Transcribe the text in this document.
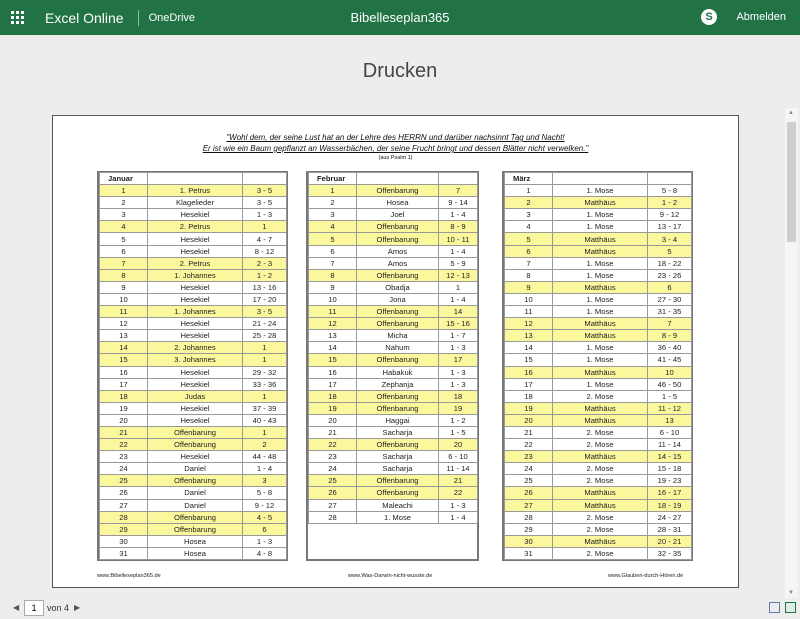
Excel Online OneDrive	Bibelleseplan365	S	Abmelden
Drucken
"Wohl dem, der seine Lust hat an der Lehre des HERRN und darüber nachsinnt Tag und Nacht!
Er ist wie ein Baum gepflanzt an Wasserbächen, der seine Frucht bringt und dessen Blätter nicht verwelken."
(aus Psalm 1)
Januar		
1	1. Petrus	3 - 5
2	Klagelieder	3 - 5
3	Hesekiel	1 - 3
4	2. Petrus	1
5	Hesekiel	4 - 7
6	Hesekiel	8 - 12
7	2. Petrus	2 - 3
8	1. Johannes	1 - 2
9	Hesekiel	13 - 16
10	Hesekiel	17 - 20
11	1. Johannes	3 - 5
12	Hesekiel	21 - 24
13	Hesekiel	25 - 28
14	2. Johannes	1
15	3. Johannes	1
16	Hesekiel	29 - 32
17	Hesekiel	33 - 36
18	Judas	1
19	Hesekiel	37 - 39
20	Hesekiel	40 - 43
21	Offenbarung	1
22	Offenbarung	2
23	Hesekiel	44 - 48
24	Daniel	1 - 4
25	Offenbarung	3
26	Daniel	5 - 8
27	Daniel	9 - 12
28	Offenbarung	4 - 5
29	Offenbarung	6
30	Hosea	1 - 3
31	Hosea	4 - 8
Februar		
1	Offenbarung	7
2	Hosea	9 - 14
3	Joel	1 - 4
4	Offenbarung	8 - 9
5	Offenbarung	10 - 11
6	Amos	1 - 4
7	Amos	5 - 9
8	Offenbarung	12 - 13
9	Obadja	1
10	Jona	1 - 4
11	Offenbarung	14
12	Offenbarung	15 - 16
13	Micha	1 - 7
14	Nahum	1 - 3
15	Offenbarung	17
16	Habakuk	1 - 3
17	Zephanja	1 - 3
18	Offenbarung	18
19	Offenbarung	19
20	Haggai	1 - 2
21	Sacharja	1 - 5
22	Offenbarung	20
23	Sacharja	6 - 10
24	Sacharja	11 - 14
25	Offenbarung	21
26	Offenbarung	22
27	Maleachi	1 - 3
28	1. Mose	1 - 4
März		
1	1. Mose	5 - 8
2	Matthäus	1 - 2
3	1. Mose	9 - 12
4	1. Mose	13 - 17
5	Matthäus	3 - 4
6	Matthäus	5
7	1. Mose	18 - 22
8	1. Mose	23 - 26
9	Matthäus	6
10	1. Mose	27 - 30
11	1. Mose	31 - 35
12	Matthäus	7
13	Matthäus	8 - 9
14	1. Mose	36 - 40
15	1. Mose	41 - 45
16	Matthäus	10
17	1. Mose	46 - 50
18	2. Mose	1 - 5
19	Matthäus	11 - 12
20	Matthäus	13
21	2. Mose	6 - 10
22	2. Mose	11 - 14
23	Matthäus	14 - 15
24	2. Mose	15 - 18
25	2. Mose	19 - 23
26	Matthäus	16 - 17
27	Matthäus	18 - 19
28	2. Mose	24 - 27
29	2. Mose	28 - 31
30	Matthäus	20 - 21
31	2. Mose	32 - 35
www.Bibelleseplan365.de	www.Was-Darwin-nicht-wusste.de	www.Glauben-durch-Hören.de
▲
▼
◀
1	von 4 ▶
